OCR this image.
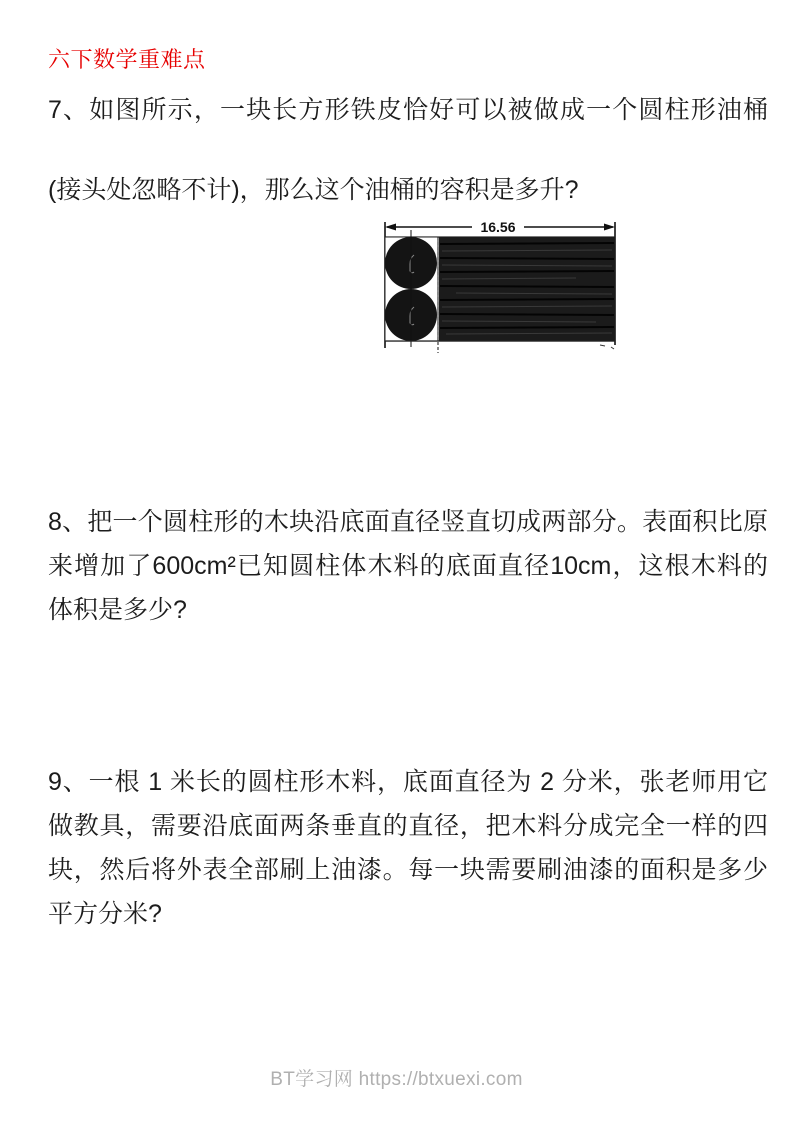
六下数学重难点
7、如图所示，一块长方形铁皮恰好可以被做成一个圆柱形油桶
(接头处忽略不计)，那么这个油桶的容积是多升?
16.56
8、把一个圆柱形的木块沿底面直径竖直切成两部分。表面积比原
来增加了600cm²已知圆柱体木料的底面直径10cm，这根木料的
体积是多少?
9、一根 1 米长的圆柱形木料，底面直径为 2 分米，张老师用它
做教具，需要沿底面两条垂直的直径，把木料分成完全一样的四
块，然后将外表全部刷上油漆。每一块需要刷油漆的面积是多少
平方分米?
BT学习网 https://btxuexi.com
